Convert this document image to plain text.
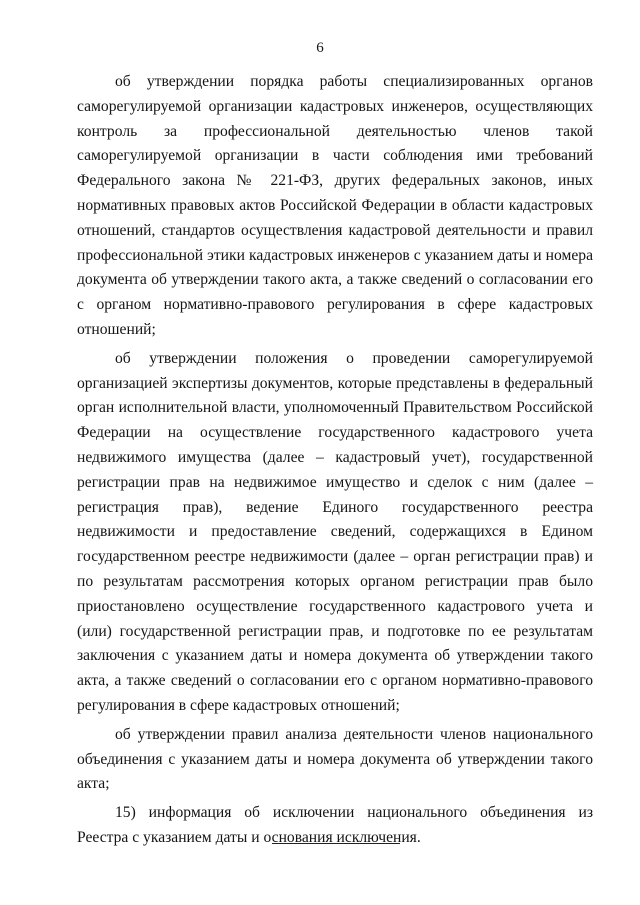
6

об утверждении порядка работы специализированных органов саморегулируемой организации кадастровых инженеров, осуществляющих контроль за профессиональной деятельностью членов такой саморегулируемой организации в части соблюдения ими требований Федерального закона № 221-ФЗ, других федеральных законов, иных нормативных правовых актов Российской Федерации в области кадастровых отношений, стандартов осуществления кадастровой деятельности и правил профессиональной этики кадастровых инженеров с указанием даты и номера документа об утверждении такого акта, а также сведений о согласовании его с органом нормативно-правового регулирования в сфере кадастровых отношений;

об утверждении положения о проведении саморегулируемой организацией экспертизы документов, которые представлены в федеральный орган исполнительной власти, уполномоченный Правительством Российской Федерации на осуществление государственного кадастрового учета недвижимого имущества (далее – кадастровый учет), государственной регистрации прав на недвижимое имущество и сделок с ним (далее – регистрация прав), ведение Единого государственного реестра недвижимости и предоставление сведений, содержащихся в Едином государственном реестре недвижимости (далее – орган регистрации прав) и по результатам рассмотрения которых органом регистрации прав было приостановлено осуществление государственного кадастрового учета и (или) государственной регистрации прав, и подготовке по ее результатам заключения с указанием даты и номера документа об утверждении такого акта, а также сведений о согласовании его с органом нормативно-правового регулирования в сфере кадастровых отношений;

об утверждении правил анализа деятельности членов национального объединения с указанием даты и номера документа об утверждении такого акта;

15) информация об исключении национального объединения из Реестра с указанием даты и основания исключения.
